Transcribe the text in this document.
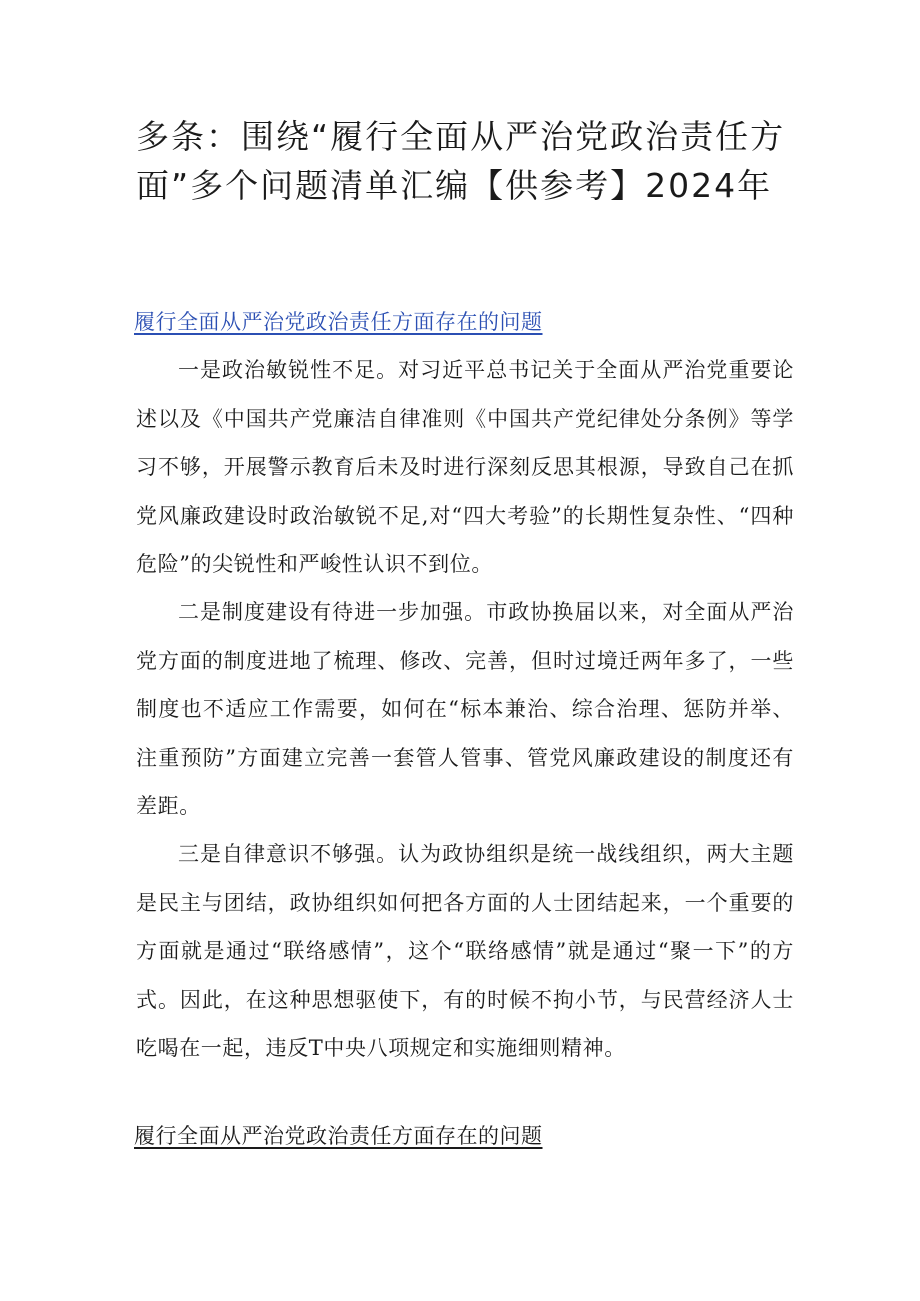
多条：围绕“履行全面从严治党政治责任方面”多个问题清单汇编【供参考】2024年
履行全面从严治党政治责任方面存在的问题

一是政治敏锐性不足。对习近平总书记关于全面从严治党重要论述以及《中国共产党廉洁自律准则《中国共产党纪律处分条例》等学习不够，开展警示教育后未及时进行深刻反思其根源，导致自己在抓党风廉政建设时政治敏锐不足,对“四大考验”的长期性复杂性、“四种危险”的尖锐性和严峻性认识不到位。

二是制度建设有待进一步加强。市政协换届以来，对全面从严治党方面的制度进地了梳理、修改、完善，但时过境迁两年多了，一些制度也不适应工作需要，如何在“标本兼治、综合治理、惩防并举、注重预防”方面建立完善一套管人管事、管党风廉政建设的制度还有差距。

三是自律意识不够强。认为政协组织是统一战线组织，两大主题是民主与团结，政协组织如何把各方面的人士团结起来，一个重要的方面就是通过“联络感情”，这个“联络感情”就是通过“聚一下”的方式。因此，在这种思想驱使下，有的时候不拘小节，与民营经济人士吃喝在一起，违反T中央八项规定和实施细则精神。

履行全面从严治党政治责任方面存在的问题
